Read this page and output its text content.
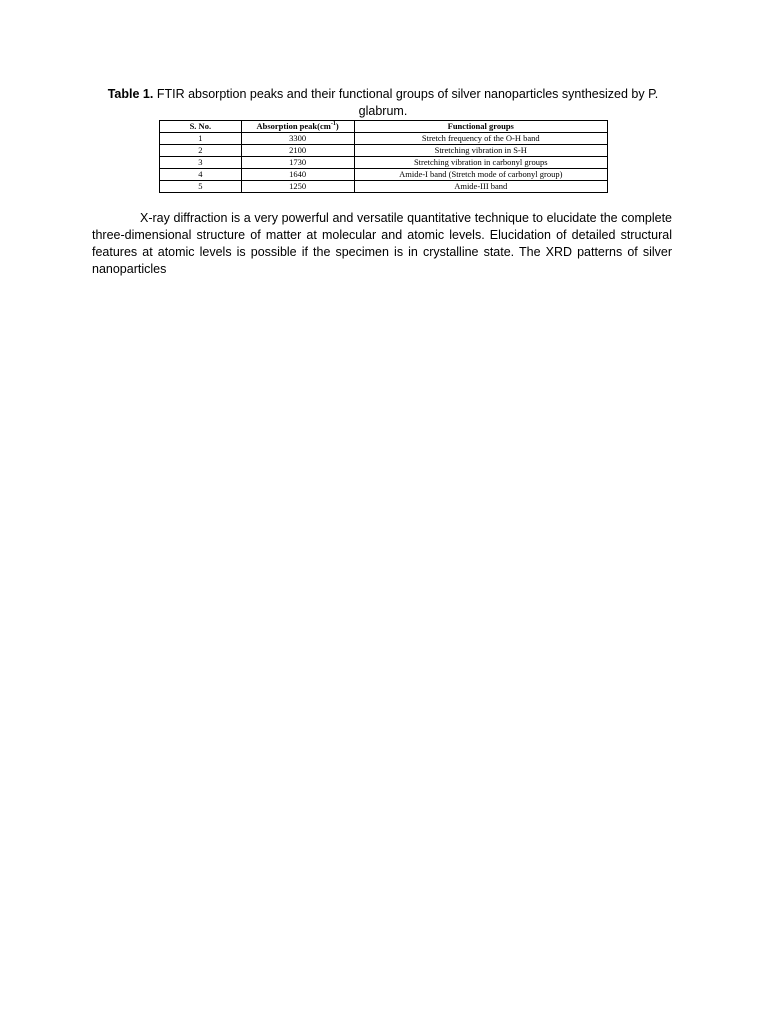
Table 1. FTIR absorption peaks and their functional groups of silver nanoparticles synthesized by P. glabrum.
S. No.	Absorption $peak(cm^{-1})$	Functional groups
1	3300	Stretch frequency of the O-H band
2	2100	Stretching vibration in S-H
3	1730	Stretching vibration in carbonyl groups
4	1640	Amide-I band (Stretch mode of carbonyl group)
5	1250	Amide-III band

X-ray diffraction is a very powerful and versatile quantitative technique to elucidate the complete three-dimensional structure of matter at molecular and atomic levels. Elucidation of detailed structural features at atomic levels is possible if the specimen is in crystalline state. The XRD patterns of silver nanoparticles
